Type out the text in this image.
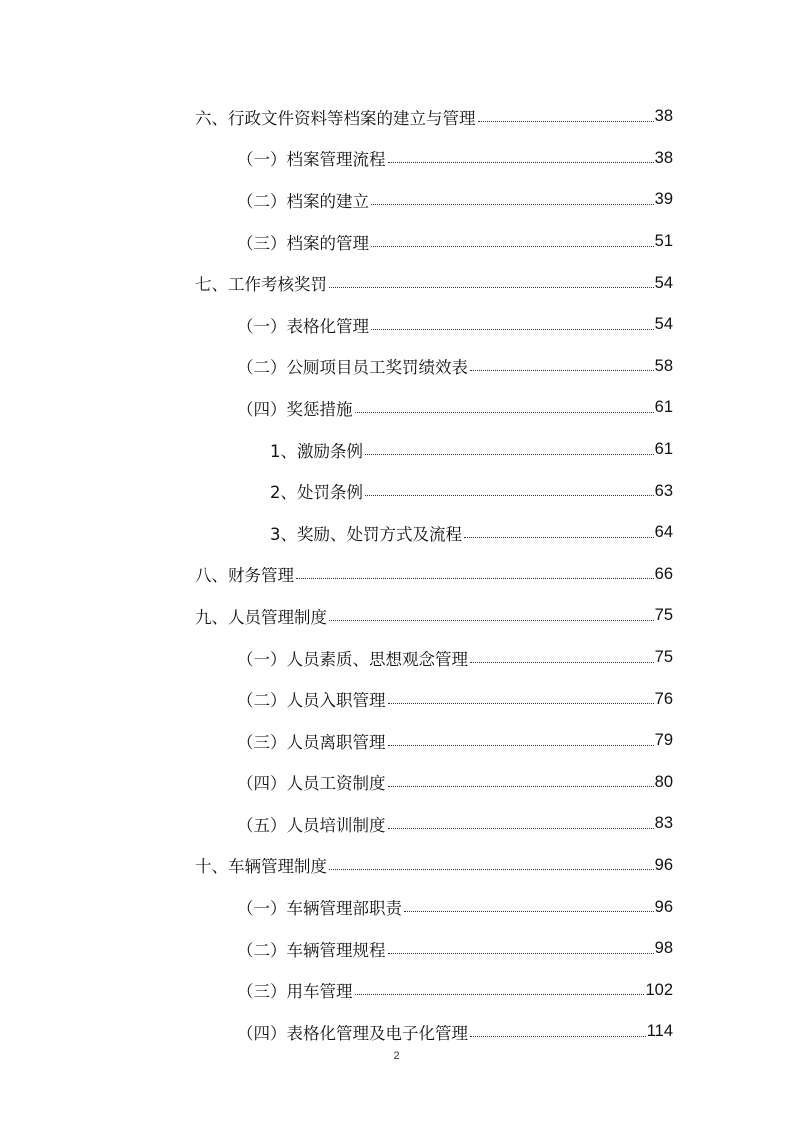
六、行政文件资料等档案的建立与管理	38
（一）档案管理流程	38
（二）档案的建立	39
（三）档案的管理	51
七、工作考核奖罚	54
（一）表格化管理	54
（二）公厕项目员工奖罚绩效表	58
（四）奖惩措施	61
1、激励条例	61
2、处罚条例	63
3、奖励、处罚方式及流程	64
八、财务管理	66
九、人员管理制度	75
（一）人员素质、思想观念管理	75
（二）人员入职管理	76
（三）人员离职管理	79
（四）人员工资制度	80
（五）人员培训制度	83
十、车辆管理制度	96
（一）车辆管理部职责	96
（二）车辆管理规程	98
（三）用车管理	102
（四）表格化管理及电子化管理	114
2
